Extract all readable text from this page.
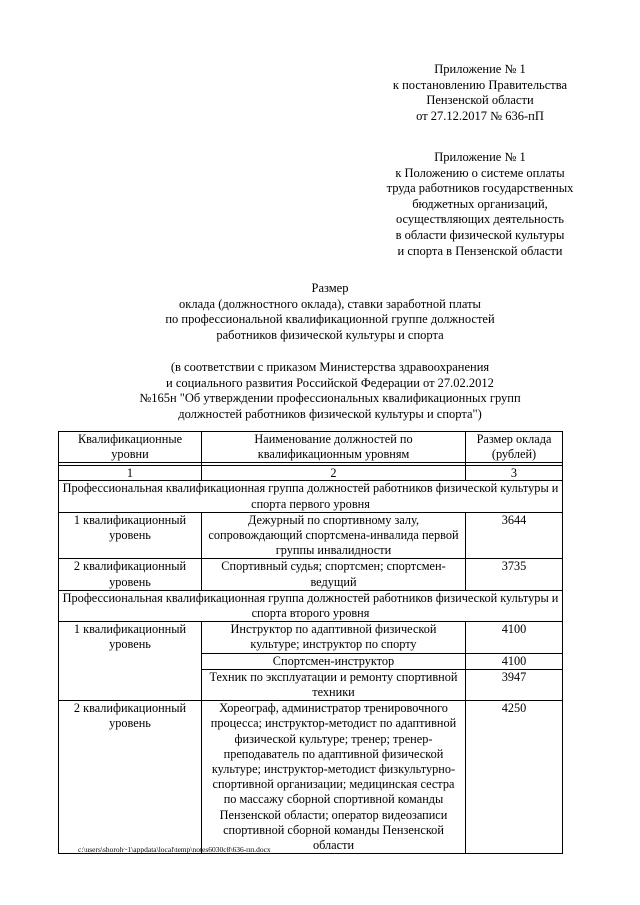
Приложение № 1
к постановлению Правительства
Пензенской области
от 27.12.2017 № 636-пП
Приложение № 1
к Положению о системе оплаты
труда работников государственных
бюджетных организаций,
осуществляющих деятельность
в области физической культуры
и спорта в Пензенской области
Размер
оклада (должностного оклада), ставки заработной платы
по профессиональной квалификационной группе должностей
работников физической культуры и спорта
(в соответствии с приказом Министерства здравоохранения
и социального развития Российской Федерации от 27.02.2012
№165н "Об утверждении профессиональных квалификационных групп
должностей работников физической культуры и спорта")
Квалификационные уровни	Наименование должностей по квалификационным уровням	Размер оклада (рублей)

1	2	3
Профессиональная квалификационная группа должностей работников физической культуры и спорта первого уровня		
1 квалификационный уровень	Дежурный по спортивному залу, сопровождающий спортсмена-инвалида первой группы инвалидности	3644
2 квалификационный уровень	Спортивный судья; спортсмен; спортсмен-ведущий	3735
Профессиональная квалификационная группа должностей работников физической культуры и спорта второго уровня		
1 квалификационный уровень	Инструктор по адаптивной физической культуре; инструктор по спорту	4100
	Спортсмен-инструктор	4100
	Техник по эксплуатации и ремонту спортивной техники	3947
2 квалификационный уровень	Хореограф, администратор тренировочного процесса; инструктор-методист по адаптивной физической культуре; тренер; тренер-преподаватель по адаптивной физической культуре; инструктор-методист физкультурно-спортивной организации; медицинская сестра по массажу сборной спортивной команды Пензенской области; оператор видеозаписи спортивной сборной команды Пензенской области	4250
c:\users\shoroh~1\appdata\local\temp\notes6030c8\636-пп.docx
